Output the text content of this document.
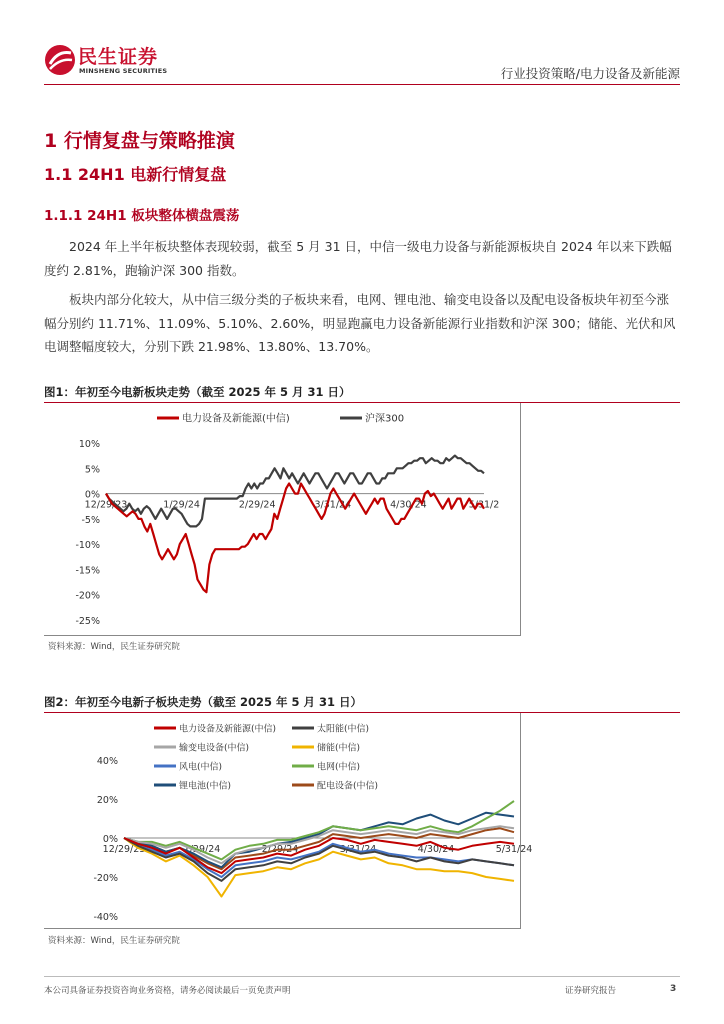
民生证券
MINSHENG SECURITIES	行业投资策略/电力设备及新能源
1 行情复盘与策略推演
1.1 24H1 电新行情复盘
1.1.1 24H1 板块整体横盘震荡
2024 年上半年板块整体表现较弱，截至 5 月 31 日，中信一级电力设备与新能源板块自 2024 年以来下跌幅度约 2.81%，跑输沪深 300 指数。
板块内部分化较大，从中信三级分类的子板块来看，电网、锂电池、输变电设备以及配电设备板块年初至今涨幅分别约 11.71%、11.09%、5.10%、2.60%，明显跑赢电力设备新能源行业指数和沪深 300；储能、光伏和风电调整幅度较大，分别下跌 21.98%、13.80%、13.70%。
图1：年初至今电新板块走势（截至 2025 年 5 月 31 日）
10%
5%
0%
-5%
-10%
-15%
-20%
-25%
12/29/23	1/29/24	2/29/24	3/31/24	4/30/24	5/31/2
电力设备及新能源(中信)	沪深300
资料来源：Wind，民生证券研究院
图2：年初至今电新子板块走势（截至 2025 年 5 月 31 日）
40%
20%
0%
-20%
-40%
12/29/23	1/29/24	2/29/24	3/31/24	4/30/24	5/31/24
电力设备及新能源(中信)	太阳能(中信)
输变电设备(中信)	储能(中信)
风电(中信)	电网(中信)
锂电池(中信)	配电设备(中信)
资料来源：Wind，民生证券研究院
本公司具备证券投资咨询业务资格，请务必阅读最后一页免责声明	证券研究报告	3
